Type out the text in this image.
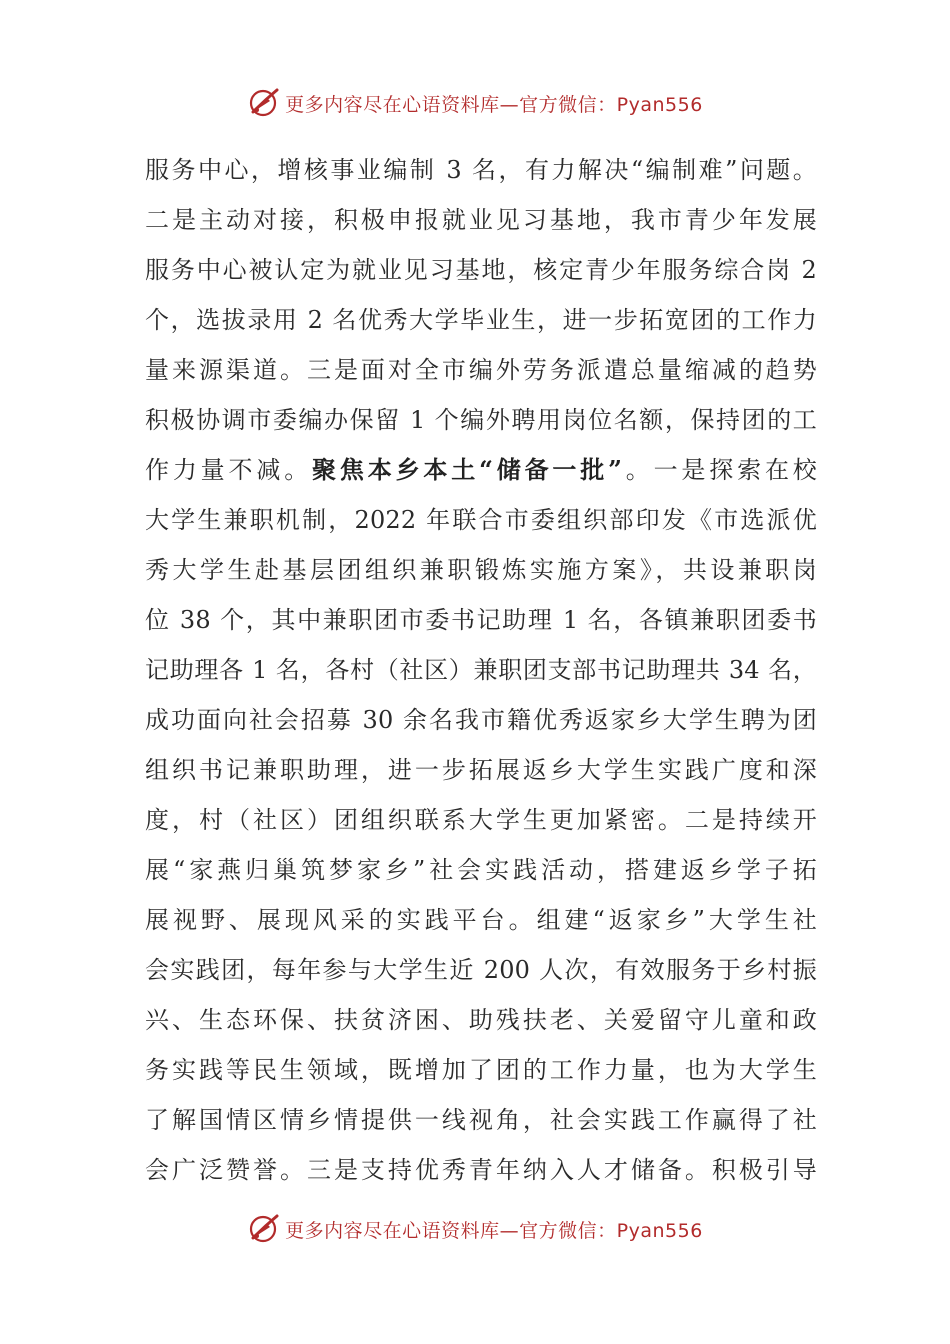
更多内容尽在心语资料库—官方微信：Pyan556
服务中心，增核事业编制 3 名，有力解决“编制难”问题。
二是主动对接，积极申报就业见习基地，我市青少年发展
服务中心被认定为就业见习基地，核定青少年服务综合岗 2
个，选拔录用 2 名优秀大学毕业生，进一步拓宽团的工作力
量来源渠道。三是面对全市编外劳务派遣总量缩减的趋势
积极协调市委编办保留 1 个编外聘用岗位名额，保持团的工
作力量不减。聚焦本乡本土“储备一批”。一是探索在校
大学生兼职机制，2022 年联合市委组织部印发《市选派优
秀大学生赴基层团组织兼职锻炼实施方案》，共设兼职岗
位 38 个，其中兼职团市委书记助理 1 名，各镇兼职团委书
记助理各 1 名，各村（社区）兼职团支部书记助理共 34 名，
成功面向社会招募 30 余名我市籍优秀返家乡大学生聘为团
组织书记兼职助理，进一步拓展返乡大学生实践广度和深
度，村（社区）团组织联系大学生更加紧密。二是持续开
展“家燕归巢筑梦家乡”社会实践活动，搭建返乡学子拓
展视野、展现风采的实践平台。组建“返家乡”大学生社
会实践团，每年参与大学生近 200 人次，有效服务于乡村振
兴、生态环保、扶贫济困、助残扶老、关爱留守儿童和政
务实践等民生领域，既增加了团的工作力量，也为大学生
了解国情区情乡情提供一线视角，社会实践工作赢得了社
会广泛赞誉。三是支持优秀青年纳入人才储备。积极引导
更多内容尽在心语资料库—官方微信：Pyan556
